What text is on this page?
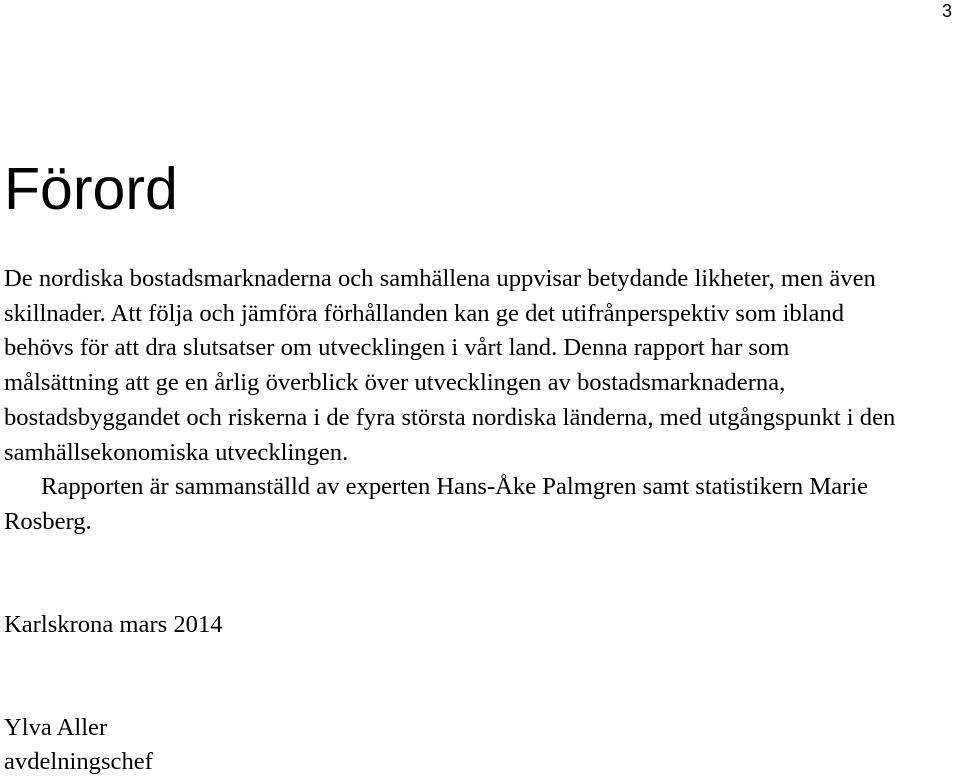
3
Förord

De nordiska bostadsmarknaderna och samhällena uppvisar betydande likheter, men även skillnader. Att följa och jämföra förhållanden kan ge det utifrånperspektiv som ibland behövs för att dra slutsatser om utvecklingen i vårt land. Denna rapport har som målsättning att ge en årlig överblick över utvecklingen av bostadsmarknaderna, bostadsbyggandet och riskerna i de fyra största nordiska länderna, med utgångspunkt i den samhällsekonomiska utvecklingen.

Rapporten är sammanställd av experten Hans-Åke Palmgren samt statistikern Marie Rosberg.

Karlskrona mars 2014

Ylva Aller

avdelningschef
